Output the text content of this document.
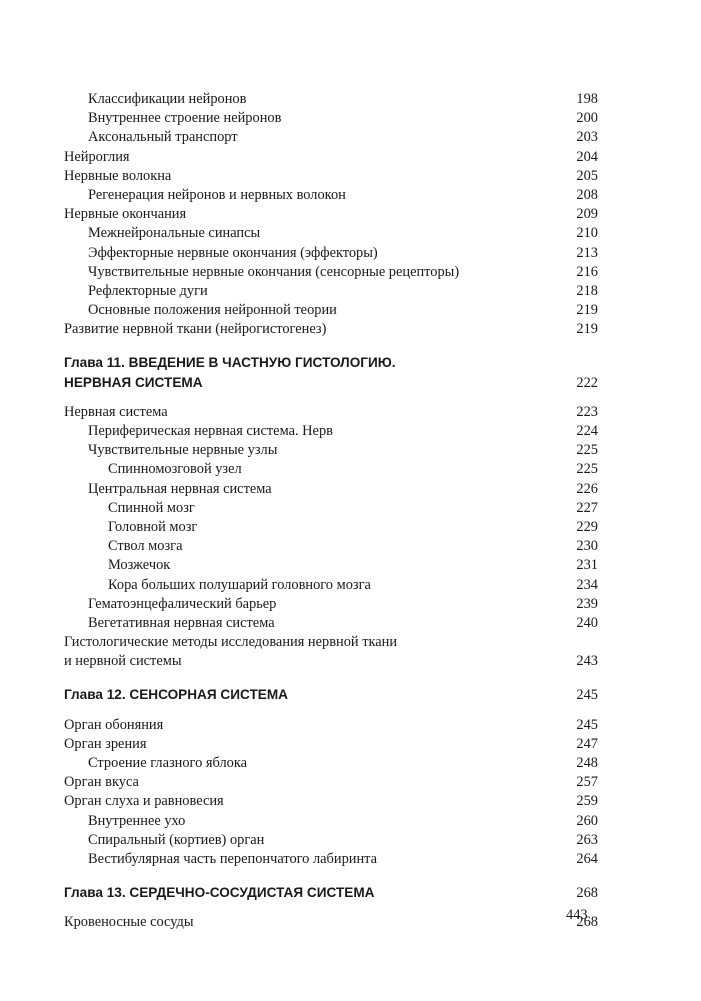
Классификации нейронов	198
Внутреннее строение нейронов	200
Аксональный транспорт	203
Нейроглия	204
Нервные волокна	205
Регенерация нейронов и нервных волокон	208
Нервные окончания	209
Межнейрональные синапсы	210
Эффекторные нервные окончания (эффекторы)	213
Чувствительные нервные окончания (сенсорные рецепторы)	216
Рефлекторные дуги	218
Основные положения нейронной теории	219
Развитие нервной ткани (нейрогистогенез)	219
Глава 11. ВВЕДЕНИЕ В ЧАСТНУЮ ГИСТОЛОГИЮ.
НЕРВНАЯ СИСТЕМА	222
Нервная система	223
Периферическая нервная система. Нерв	224
Чувствительные нервные узлы	225
Спинномозговой узел	225
Центральная нервная система	226
Спинной мозг	227
Головной мозг	229
Ствол мозга	230
Мозжечок	231
Кора больших полушарий головного мозга	234
Гематоэнцефалический барьер	239
Вегетативная нервная система	240
Гистологические методы исследования нервной ткани
и нервной системы	243
Глава 12. СЕНСОРНАЯ СИСТЕМА	245
Орган обоняния	245
Орган зрения	247
Строение глазного яблока	248
Орган вкуса	257
Орган слуха и равновесия	259
Внутреннее ухо	260
Спиральный (кортиев) орган	263
Вестибулярная часть перепончатого лабиринта	264
Глава 13. СЕРДЕЧНО-СОСУДИСТАЯ СИСТЕМА	268
Кровеносные сосуды	268
443
